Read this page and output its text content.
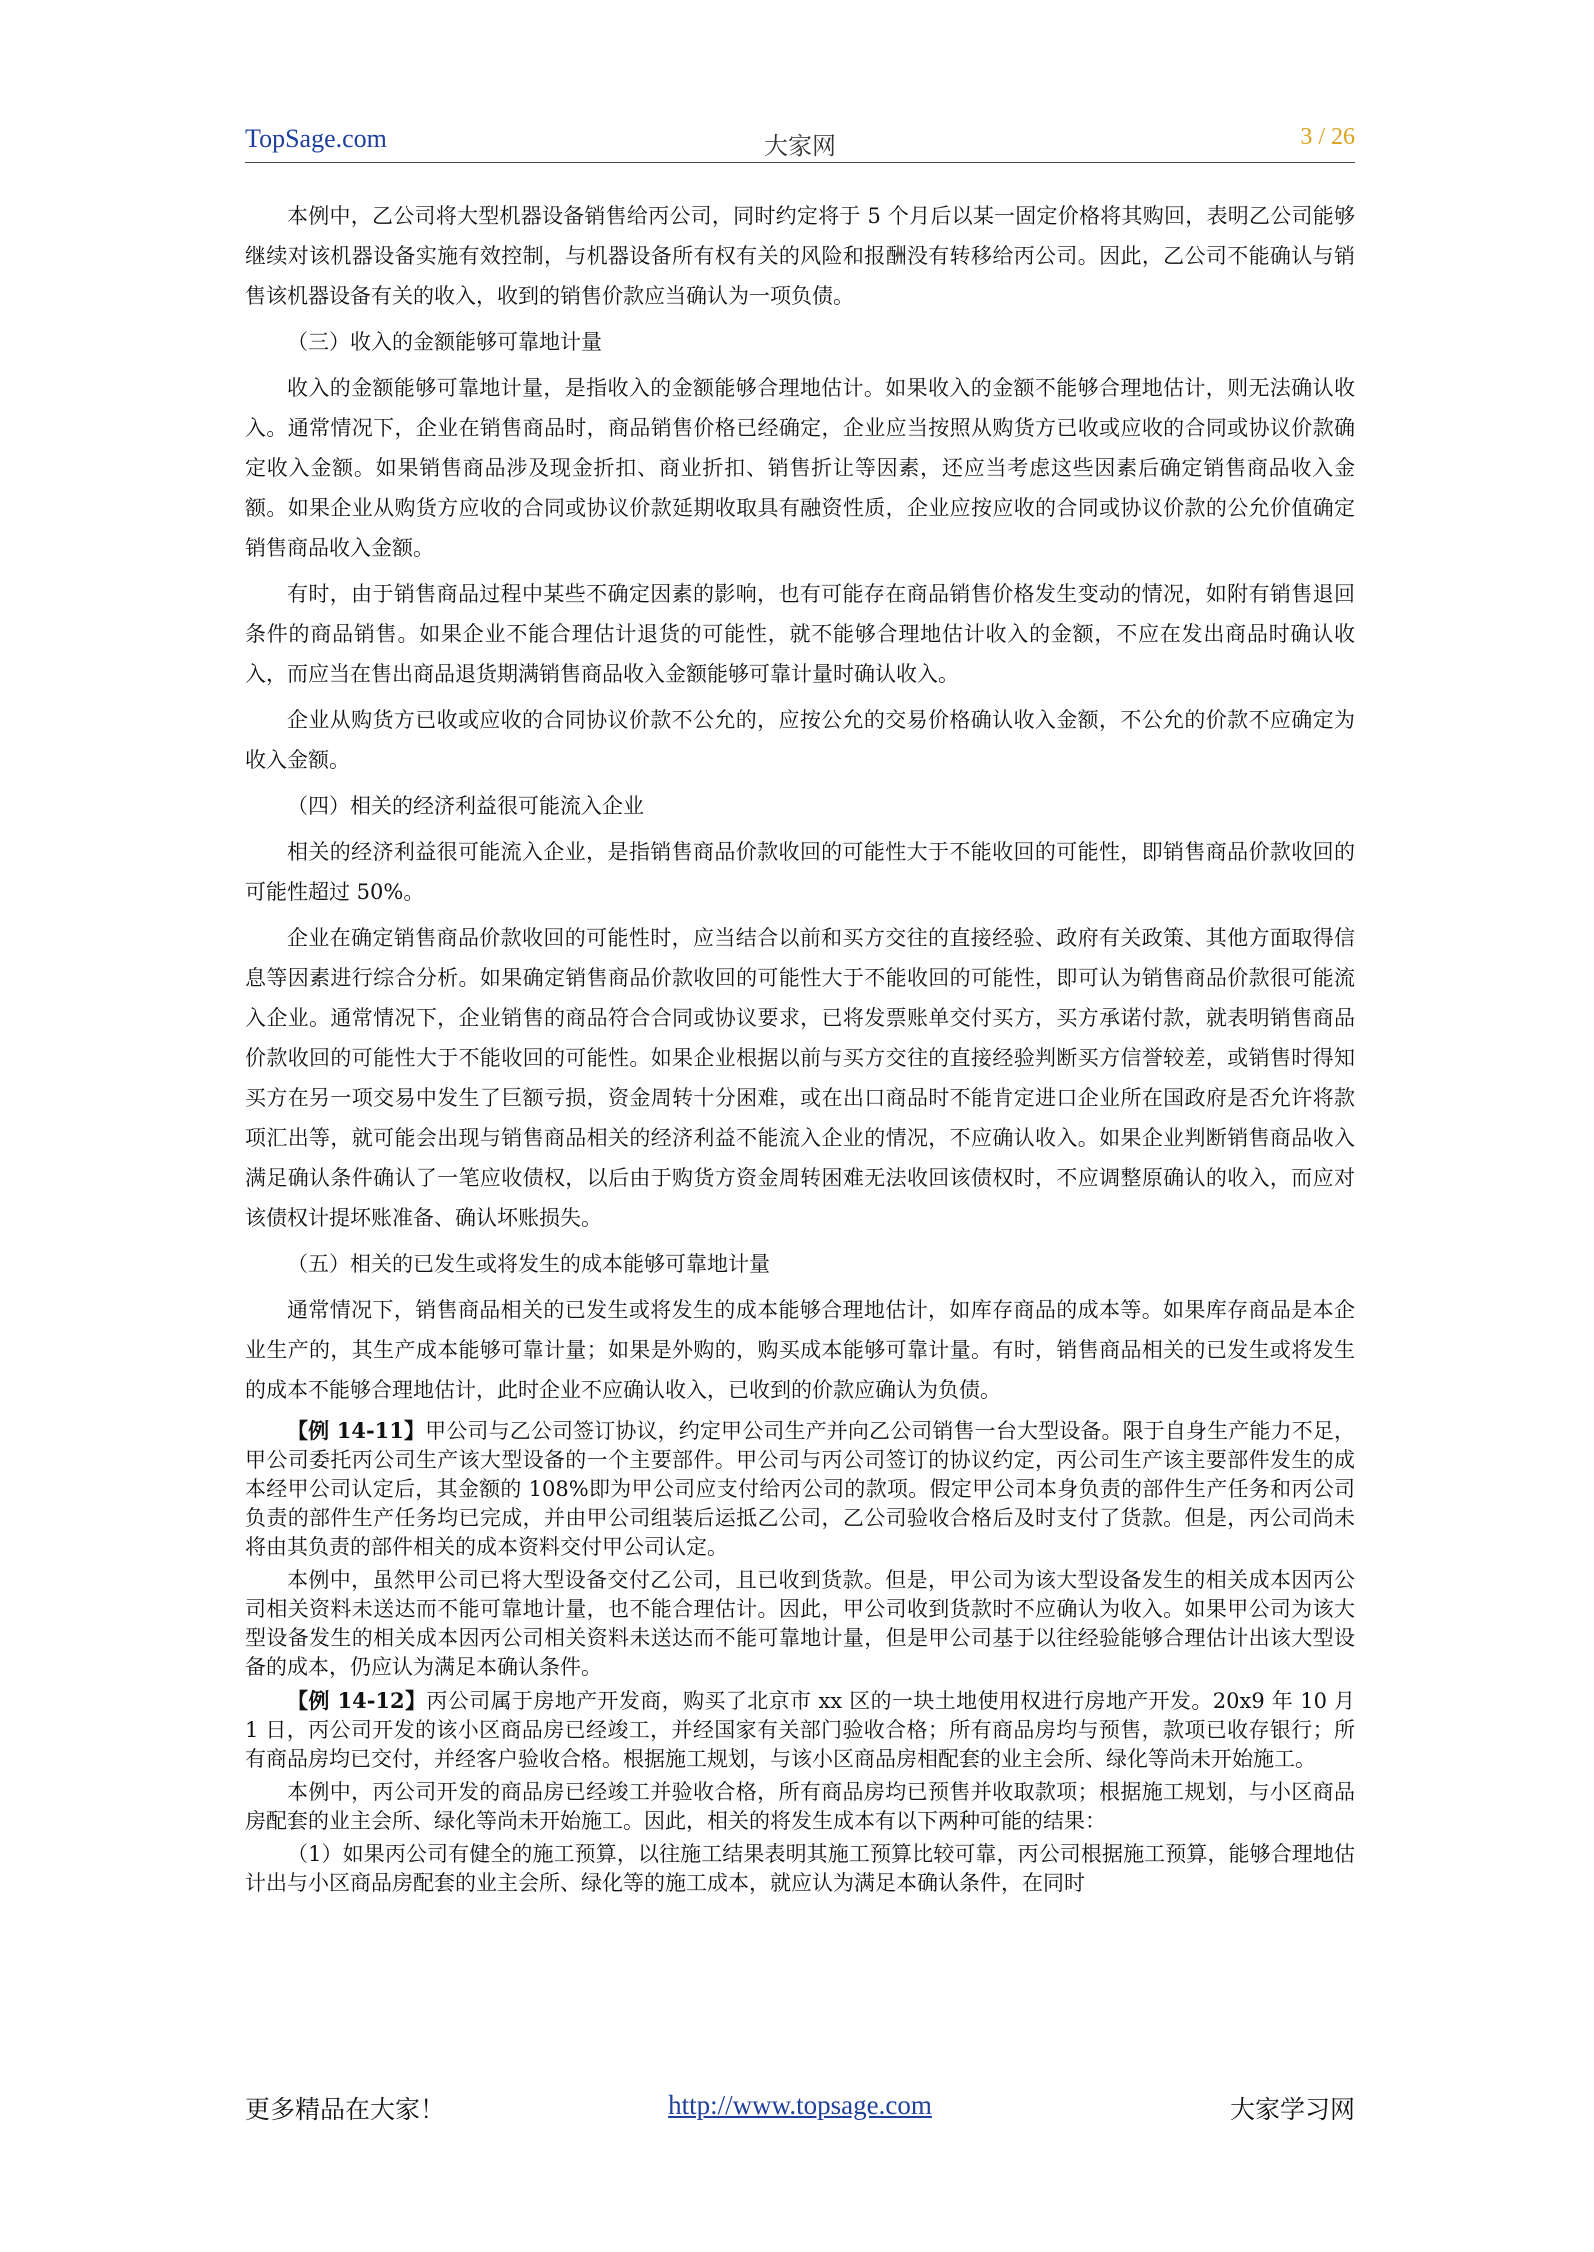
TopSage.com	大家网	3 / 26

本例中，乙公司将大型机器设备销售给丙公司，同时约定将于 5 个月后以某一固定价格将其购回，表明乙公司能够继续对该机器设备实施有效控制，与机器设备所有权有关的风险和报酬没有转移给丙公司。因此，乙公司不能确认与销售该机器设备有关的收入，收到的销售价款应当确认为一项负债。

（三）收入的金额能够可靠地计量

收入的金额能够可靠地计量，是指收入的金额能够合理地估计。如果收入的金额不能够合理地估计，则无法确认收入。通常情况下，企业在销售商品时，商品销售价格已经确定，企业应当按照从购货方已收或应收的合同或协议价款确定收入金额。如果销售商品涉及现金折扣、商业折扣、销售折让等因素，还应当考虑这些因素后确定销售商品收入金额。如果企业从购货方应收的合同或协议价款延期收取具有融资性质，企业应按应收的合同或协议价款的公允价值确定销售商品收入金额。

有时，由于销售商品过程中某些不确定因素的影响，也有可能存在商品销售价格发生变动的情况，如附有销售退回条件的商品销售。如果企业不能合理估计退货的可能性，就不能够合理地估计收入的金额，不应在发出商品时确认收入，而应当在售出商品退货期满销售商品收入金额能够可靠计量时确认收入。

企业从购货方已收或应收的合同协议价款不公允的，应按公允的交易价格确认收入金额，不公允的价款不应确定为收入金额。

（四）相关的经济利益很可能流入企业

相关的经济利益很可能流入企业，是指销售商品价款收回的可能性大于不能收回的可能性，即销售商品价款收回的可能性超过 50%。

企业在确定销售商品价款收回的可能性时，应当结合以前和买方交往的直接经验、政府有关政策、其他方面取得信息等因素进行综合分析。如果确定销售商品价款收回的可能性大于不能收回的可能性，即可认为销售商品价款很可能流入企业。通常情况下，企业销售的商品符合合同或协议要求，已将发票账单交付买方，买方承诺付款，就表明销售商品价款收回的可能性大于不能收回的可能性。如果企业根据以前与买方交往的直接经验判断买方信誉较差，或销售时得知买方在另一项交易中发生了巨额亏损，资金周转十分困难，或在出口商品时不能肯定进口企业所在国政府是否允许将款项汇出等，就可能会出现与销售商品相关的经济利益不能流入企业的情况，不应确认收入。如果企业判断销售商品收入满足确认条件确认了一笔应收债权，以后由于购货方资金周转困难无法收回该债权时，不应调整原确认的收入，而应对该债权计提坏账准备、确认坏账损失。

（五）相关的已发生或将发生的成本能够可靠地计量

通常情况下，销售商品相关的已发生或将发生的成本能够合理地估计，如库存商品的成本等。如果库存商品是本企业生产的，其生产成本能够可靠计量；如果是外购的，购买成本能够可靠计量。有时，销售商品相关的已发生或将发生的成本不能够合理地估计，此时企业不应确认收入，已收到的价款应确认为负债。

【例 14-11】甲公司与乙公司签订协议，约定甲公司生产并向乙公司销售一台大型设备。限于自身生产能力不足，甲公司委托丙公司生产该大型设备的一个主要部件。甲公司与丙公司签订的协议约定，丙公司生产该主要部件发生的成本经甲公司认定后，其金额的 108%即为甲公司应支付给丙公司的款项。假定甲公司本身负责的部件生产任务和丙公司负责的部件生产任务均已完成，并由甲公司组装后运抵乙公司，乙公司验收合格后及时支付了货款。但是，丙公司尚未将由其负责的部件相关的成本资料交付甲公司认定。

本例中，虽然甲公司已将大型设备交付乙公司，且已收到货款。但是，甲公司为该大型设备发生的相关成本因丙公司相关资料未送达而不能可靠地计量，也不能合理估计。因此，甲公司收到货款时不应确认为收入。如果甲公司为该大型设备发生的相关成本因丙公司相关资料未送达而不能可靠地计量，但是甲公司基于以往经验能够合理估计出该大型设备的成本，仍应认为满足本确认条件。

【例 14-12】丙公司属于房地产开发商，购买了北京市 xx 区的一块土地使用权进行房地产开发。20x9 年 10 月 1 日，丙公司开发的该小区商品房已经竣工，并经国家有关部门验收合格；所有商品房均与预售，款项已收存银行；所有商品房均已交付，并经客户验收合格。根据施工规划，与该小区商品房相配套的业主会所、绿化等尚未开始施工。

本例中，丙公司开发的商品房已经竣工并验收合格，所有商品房均已预售并收取款项；根据施工规划，与小区商品房配套的业主会所、绿化等尚未开始施工。因此，相关的将发生成本有以下两种可能的结果：

（1）如果丙公司有健全的施工预算，以往施工结果表明其施工预算比较可靠，丙公司根据施工预算，能够合理地估计出与小区商品房配套的业主会所、绿化等的施工成本，就应认为满足本确认条件，在同时

更多精品在大家！	http://www.topsage.com	大家学习网
